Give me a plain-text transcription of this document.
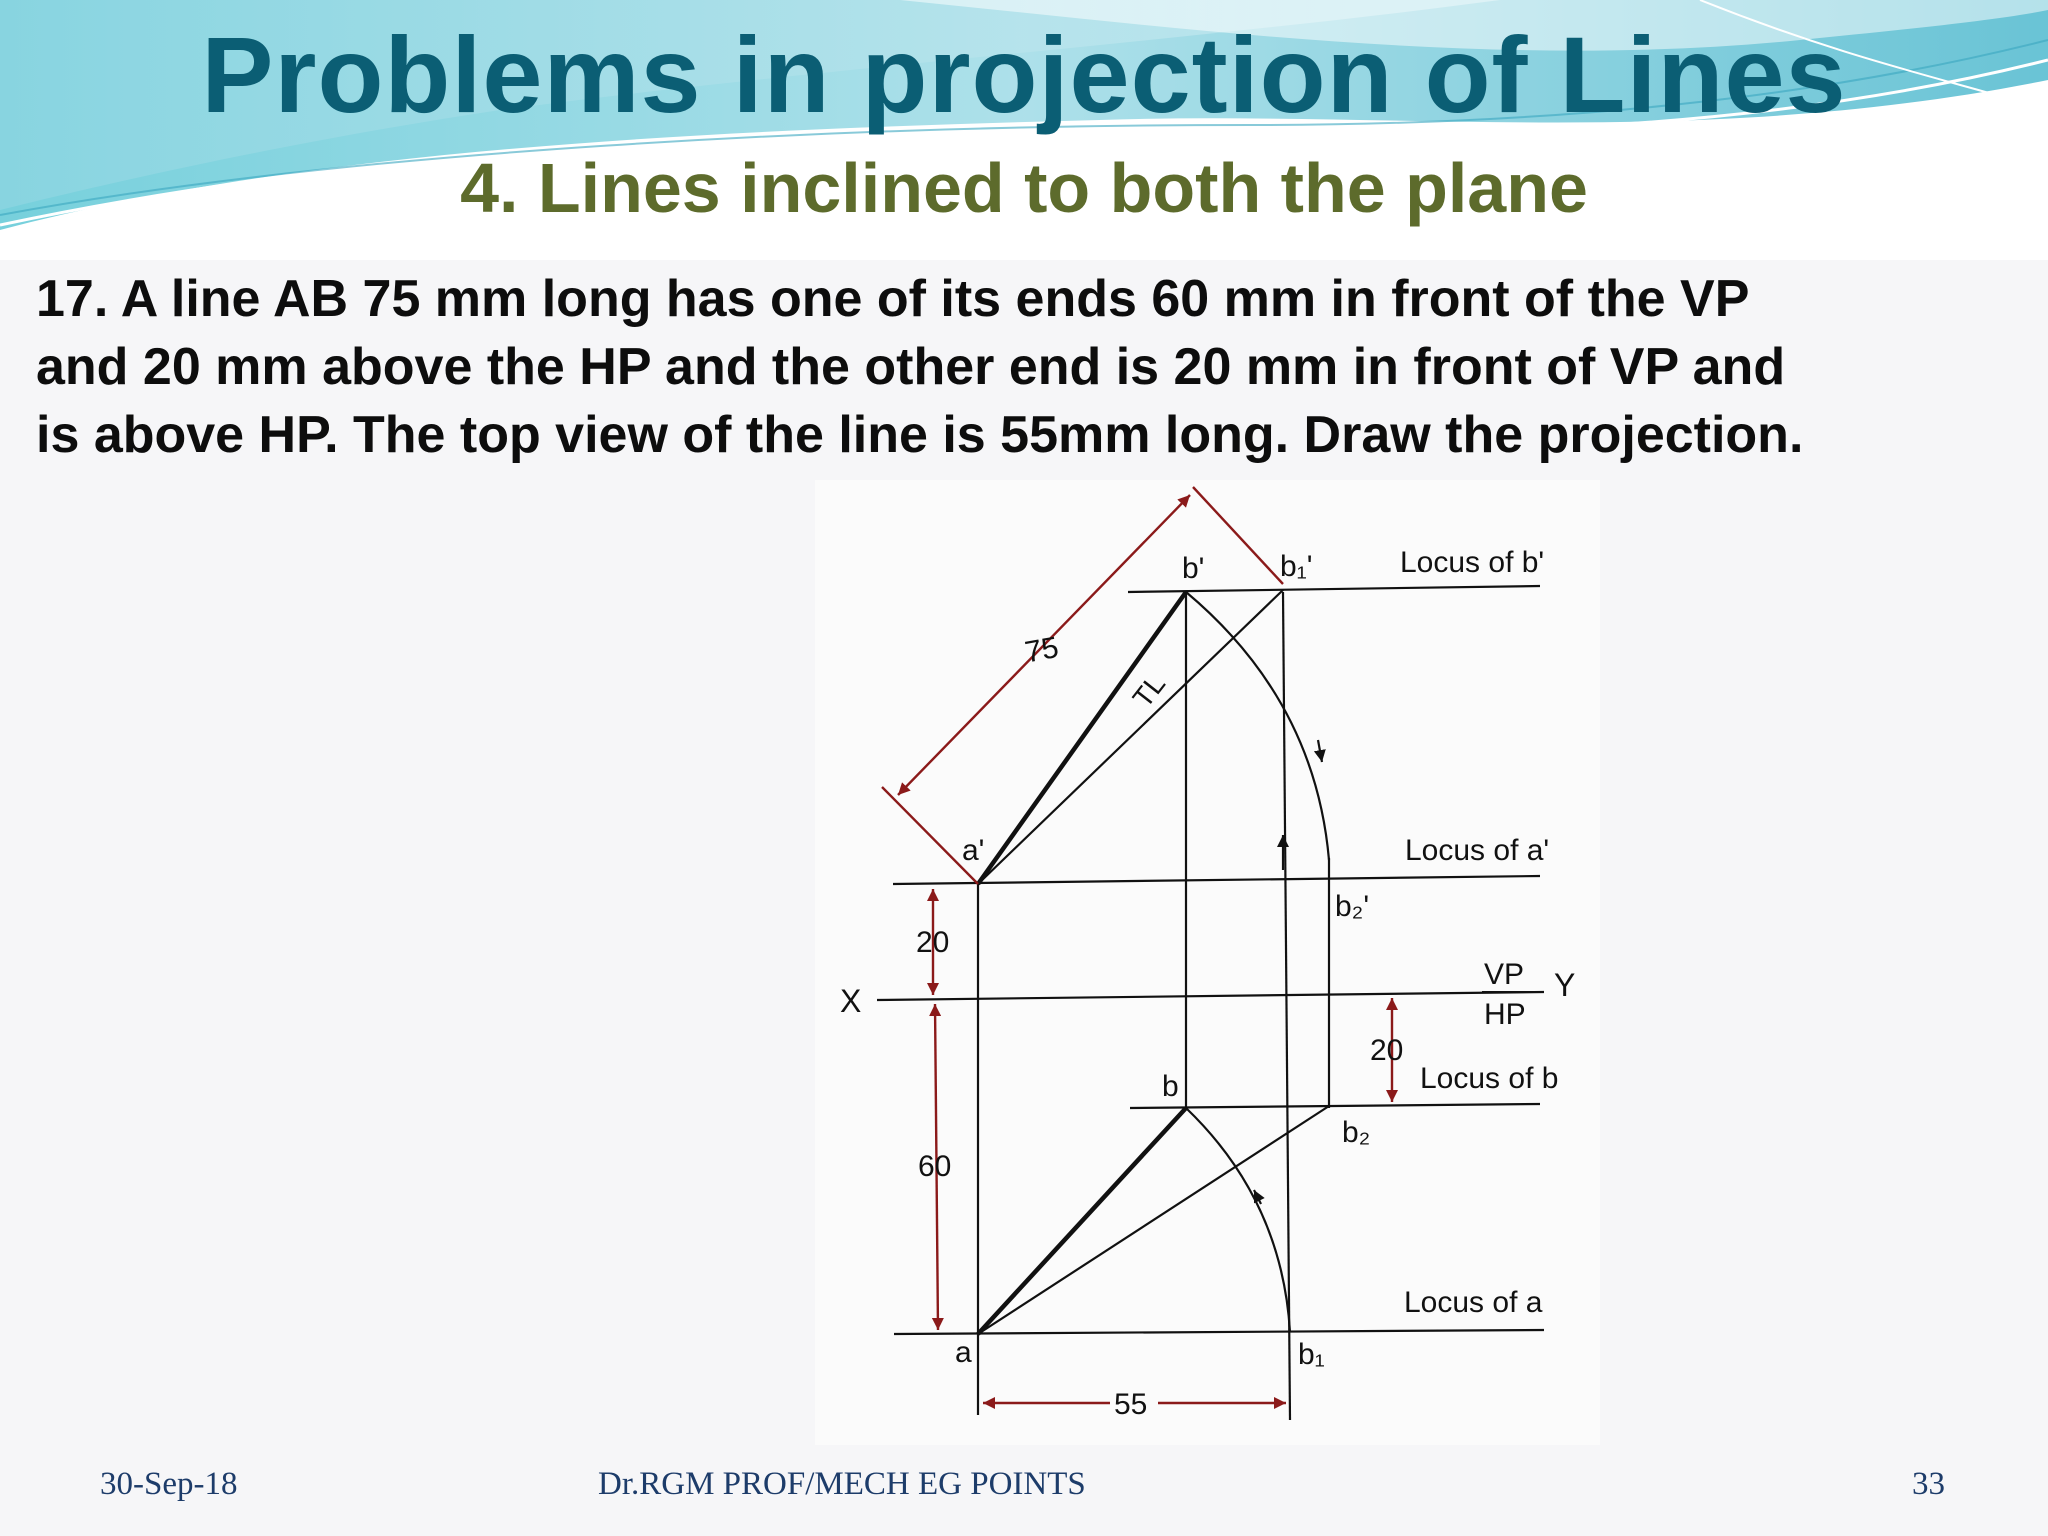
Problems in projection of Lines
4. Lines inclined to both the plane
17. A line AB 75 mm long has one of its ends 60 mm in front of the VP
and 20 mm above the HP and the other end is 20 mm in front of VP and
is above HP. The top view of the line is 55mm long. Draw the projection.
b'	b₁'	Locus of b'
75
TL
a'	Locus of a'
b₂'
20
X
VP
HP
Y
20
b	Locus of b
b₂
60
Locus of a
a	b₁
55
30-Sep-18	Dr.RGM PROF/MECH EG POINTS	33
